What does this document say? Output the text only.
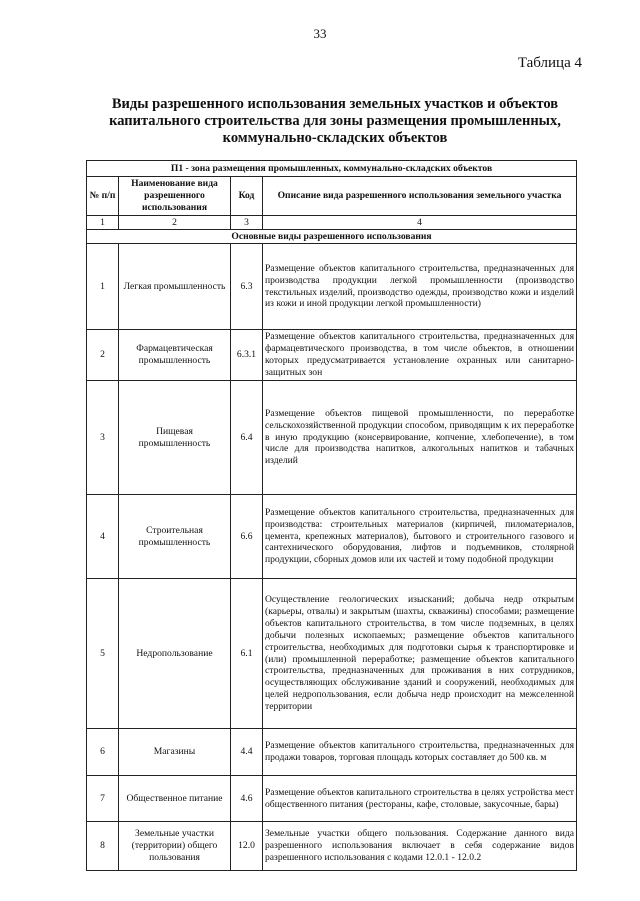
33
Таблица 4
Виды разрешенного использования земельных участков и объектов капитального строительства для зоны размещения промышленных, коммунально-складских объектов
П1 - зона размещения промышленных, коммунально-складских объектов			
№ п/п	Наименование вида разрешенного использования	Код	Описание вида разрешенного использования земельного участка
1	2	3	4
Основные виды разрешенного использования			
1	Легкая промышленность	6.3	Размещение объектов капитального строительства, предназначенных для производства продукции легкой промышленности (производство текстильных изделий, производство одежды, производство кожи и изделий из кожи и иной продукции легкой промышленности)

2	Фармацевтическая промышленность	6.3.1	Размещение объектов капитального строительства, предназначенных для фармацевтического производства, в том числе объектов, в отношении которых предусматривается установление охранных или санитарно-защитных зон

3	Пищевая промышленность	6.4	Размещение объектов пищевой промышленности, по переработке сельскохозяйственной продукции способом, приводящим к их переработке в иную продукцию (консервирование, копчение, хлебопечение), в том числе для производства напитков, алкогольных напитков и табачных изделий

4	Строительная промышленность	6.6	Размещение объектов капитального строительства, предназначенных для производства: строительных материалов (кирпичей, пиломатериалов, цемента, крепежных материалов), бытового и строительного газового и сантехнического оборудования, лифтов и подъемников, столярной продукции, сборных домов или их частей и тому подобной продукции

5	Недропользование	6.1	Осуществление геологических изысканий; добыча недр открытым (карьеры, отвалы) и закрытым (шахты, скважины) способами; размещение объектов капитального строительства, в том числе подземных, в целях добычи полезных ископаемых; размещение объектов капитального строительства, необходимых для подготовки сырья к транспортировке и (или) промышленной переработке; размещение объектов капитального строительства, предназначенных для проживания в них сотрудников, осуществляющих обслуживание зданий и сооружений, необходимых для целей недропользования, если добыча недр происходит на межселенной территории

6	Магазины	4.4	Размещение объектов капитального строительства, предназначенных для продажи товаров, торговая площадь которых составляет до 500 кв. м

7	Общественное питание	4.6	Размещение объектов капитального строительства в целях устройства мест общественного питания (рестораны, кафе, столовые, закусочные, бары)

8	Земельные участки (территории) общего пользования	12.0	Земельные участки общего пользования. Содержание данного вида разрешенного использования включает в себя содержание видов разрешенного использования с кодами 12.0.1 - 12.0.2
